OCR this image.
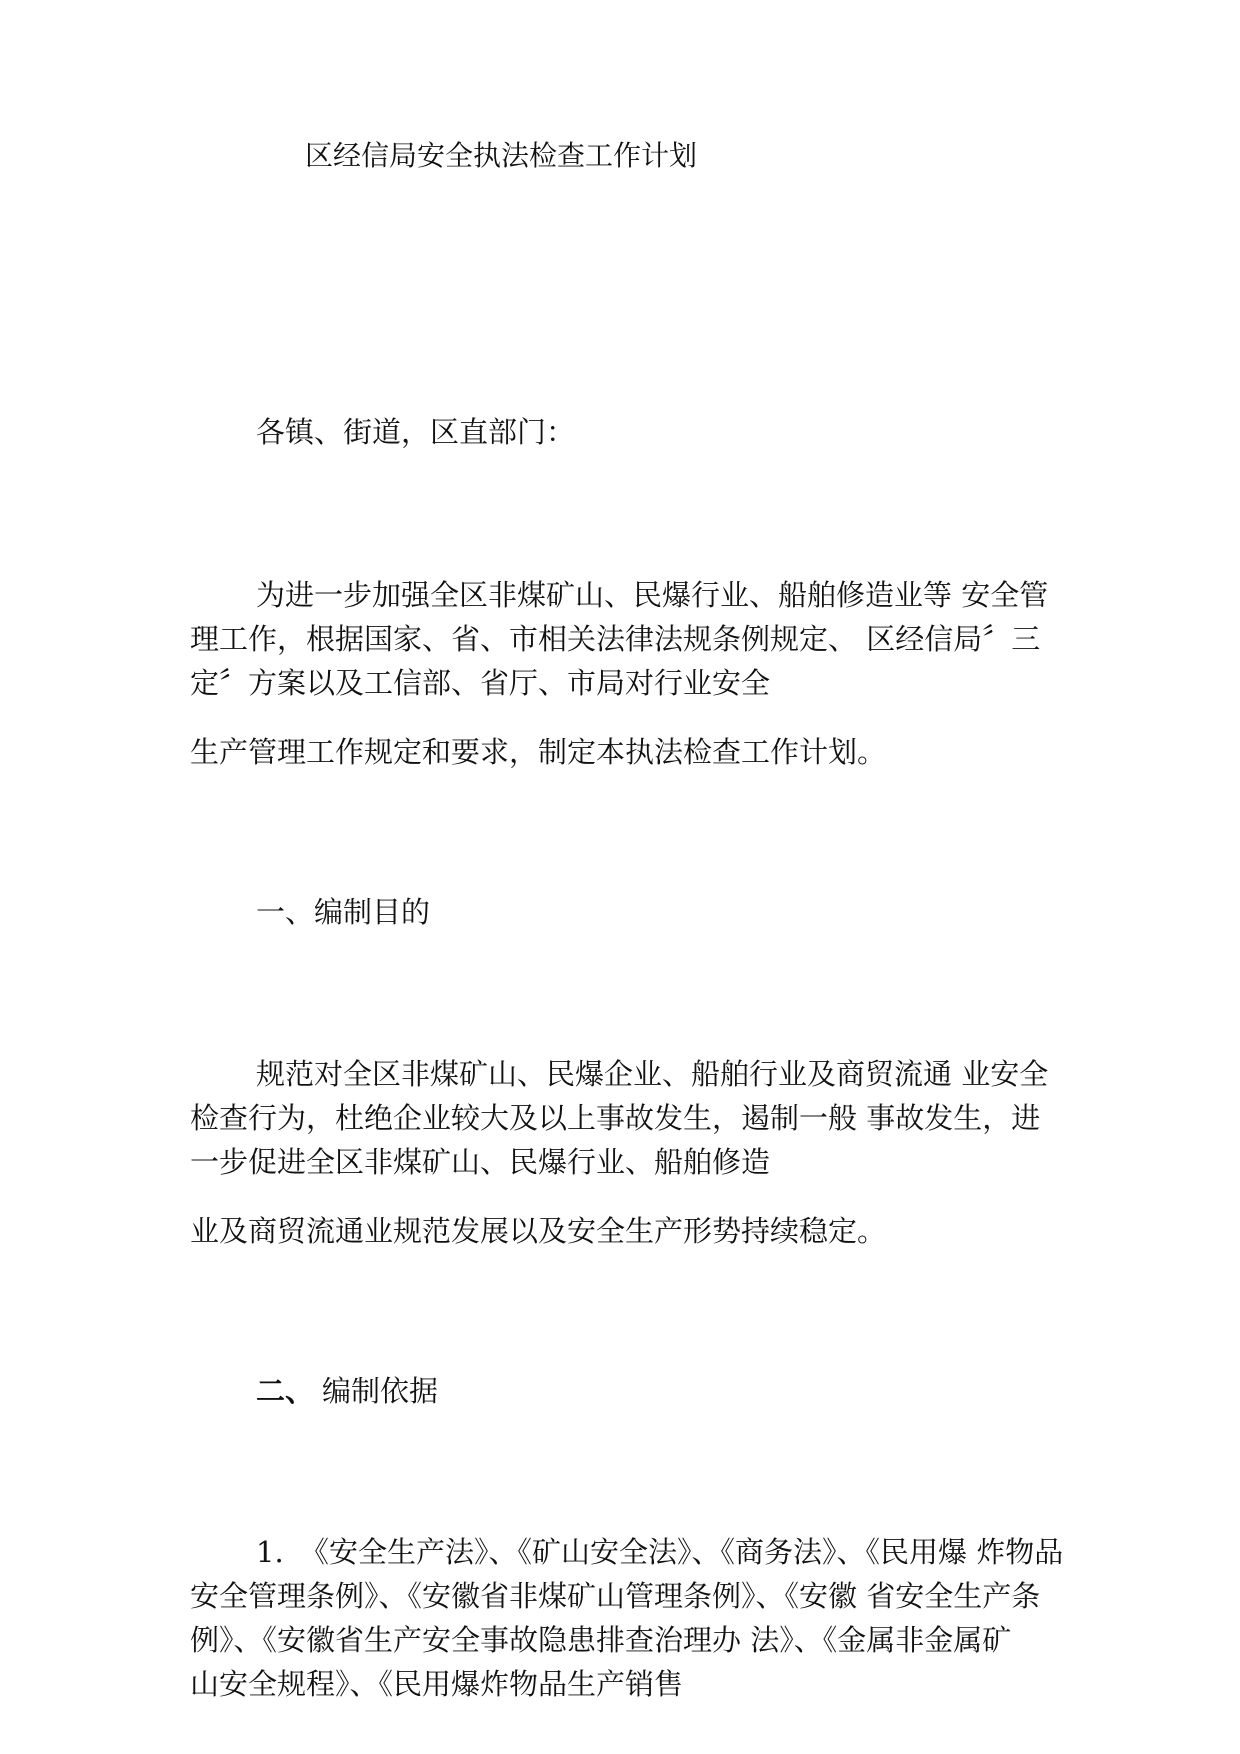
区经信局安全执法检查工作计划
各镇、街道，区直部门：
为进一步加强全区非煤矿山、民爆行业、船舶修造业等 安全管
理工作，根据国家、省、市相关法律法规条例规定、 区经信局〞三
定〞方案以及工信部、省厅、市局对行业安全
生产管理工作规定和要求，制定本执法检查工作计划。
一、编制目的
规范对全区非煤矿山、民爆企业、船舶行业及商贸流通 业安全
检查行为，杜绝企业较大及以上事故发生，遏制一般 事故发生，进
一步促进全区非煤矿山、民爆行业、船舶修造
业及商贸流通业规范发展以及安全生产形势持续稳定。
二、 编制依据
1. 《安全生产法》、《矿山安全法》、《商务法》、《民用爆 炸物品
安全管理条例》、《安徽省非煤矿山管理条例》、《安徽 省安全生产条
例》、《安徽省生产安全事故隐患排查治理办 法》、《金属非金属矿
山安全规程》、《民用爆炸物品生产销售
